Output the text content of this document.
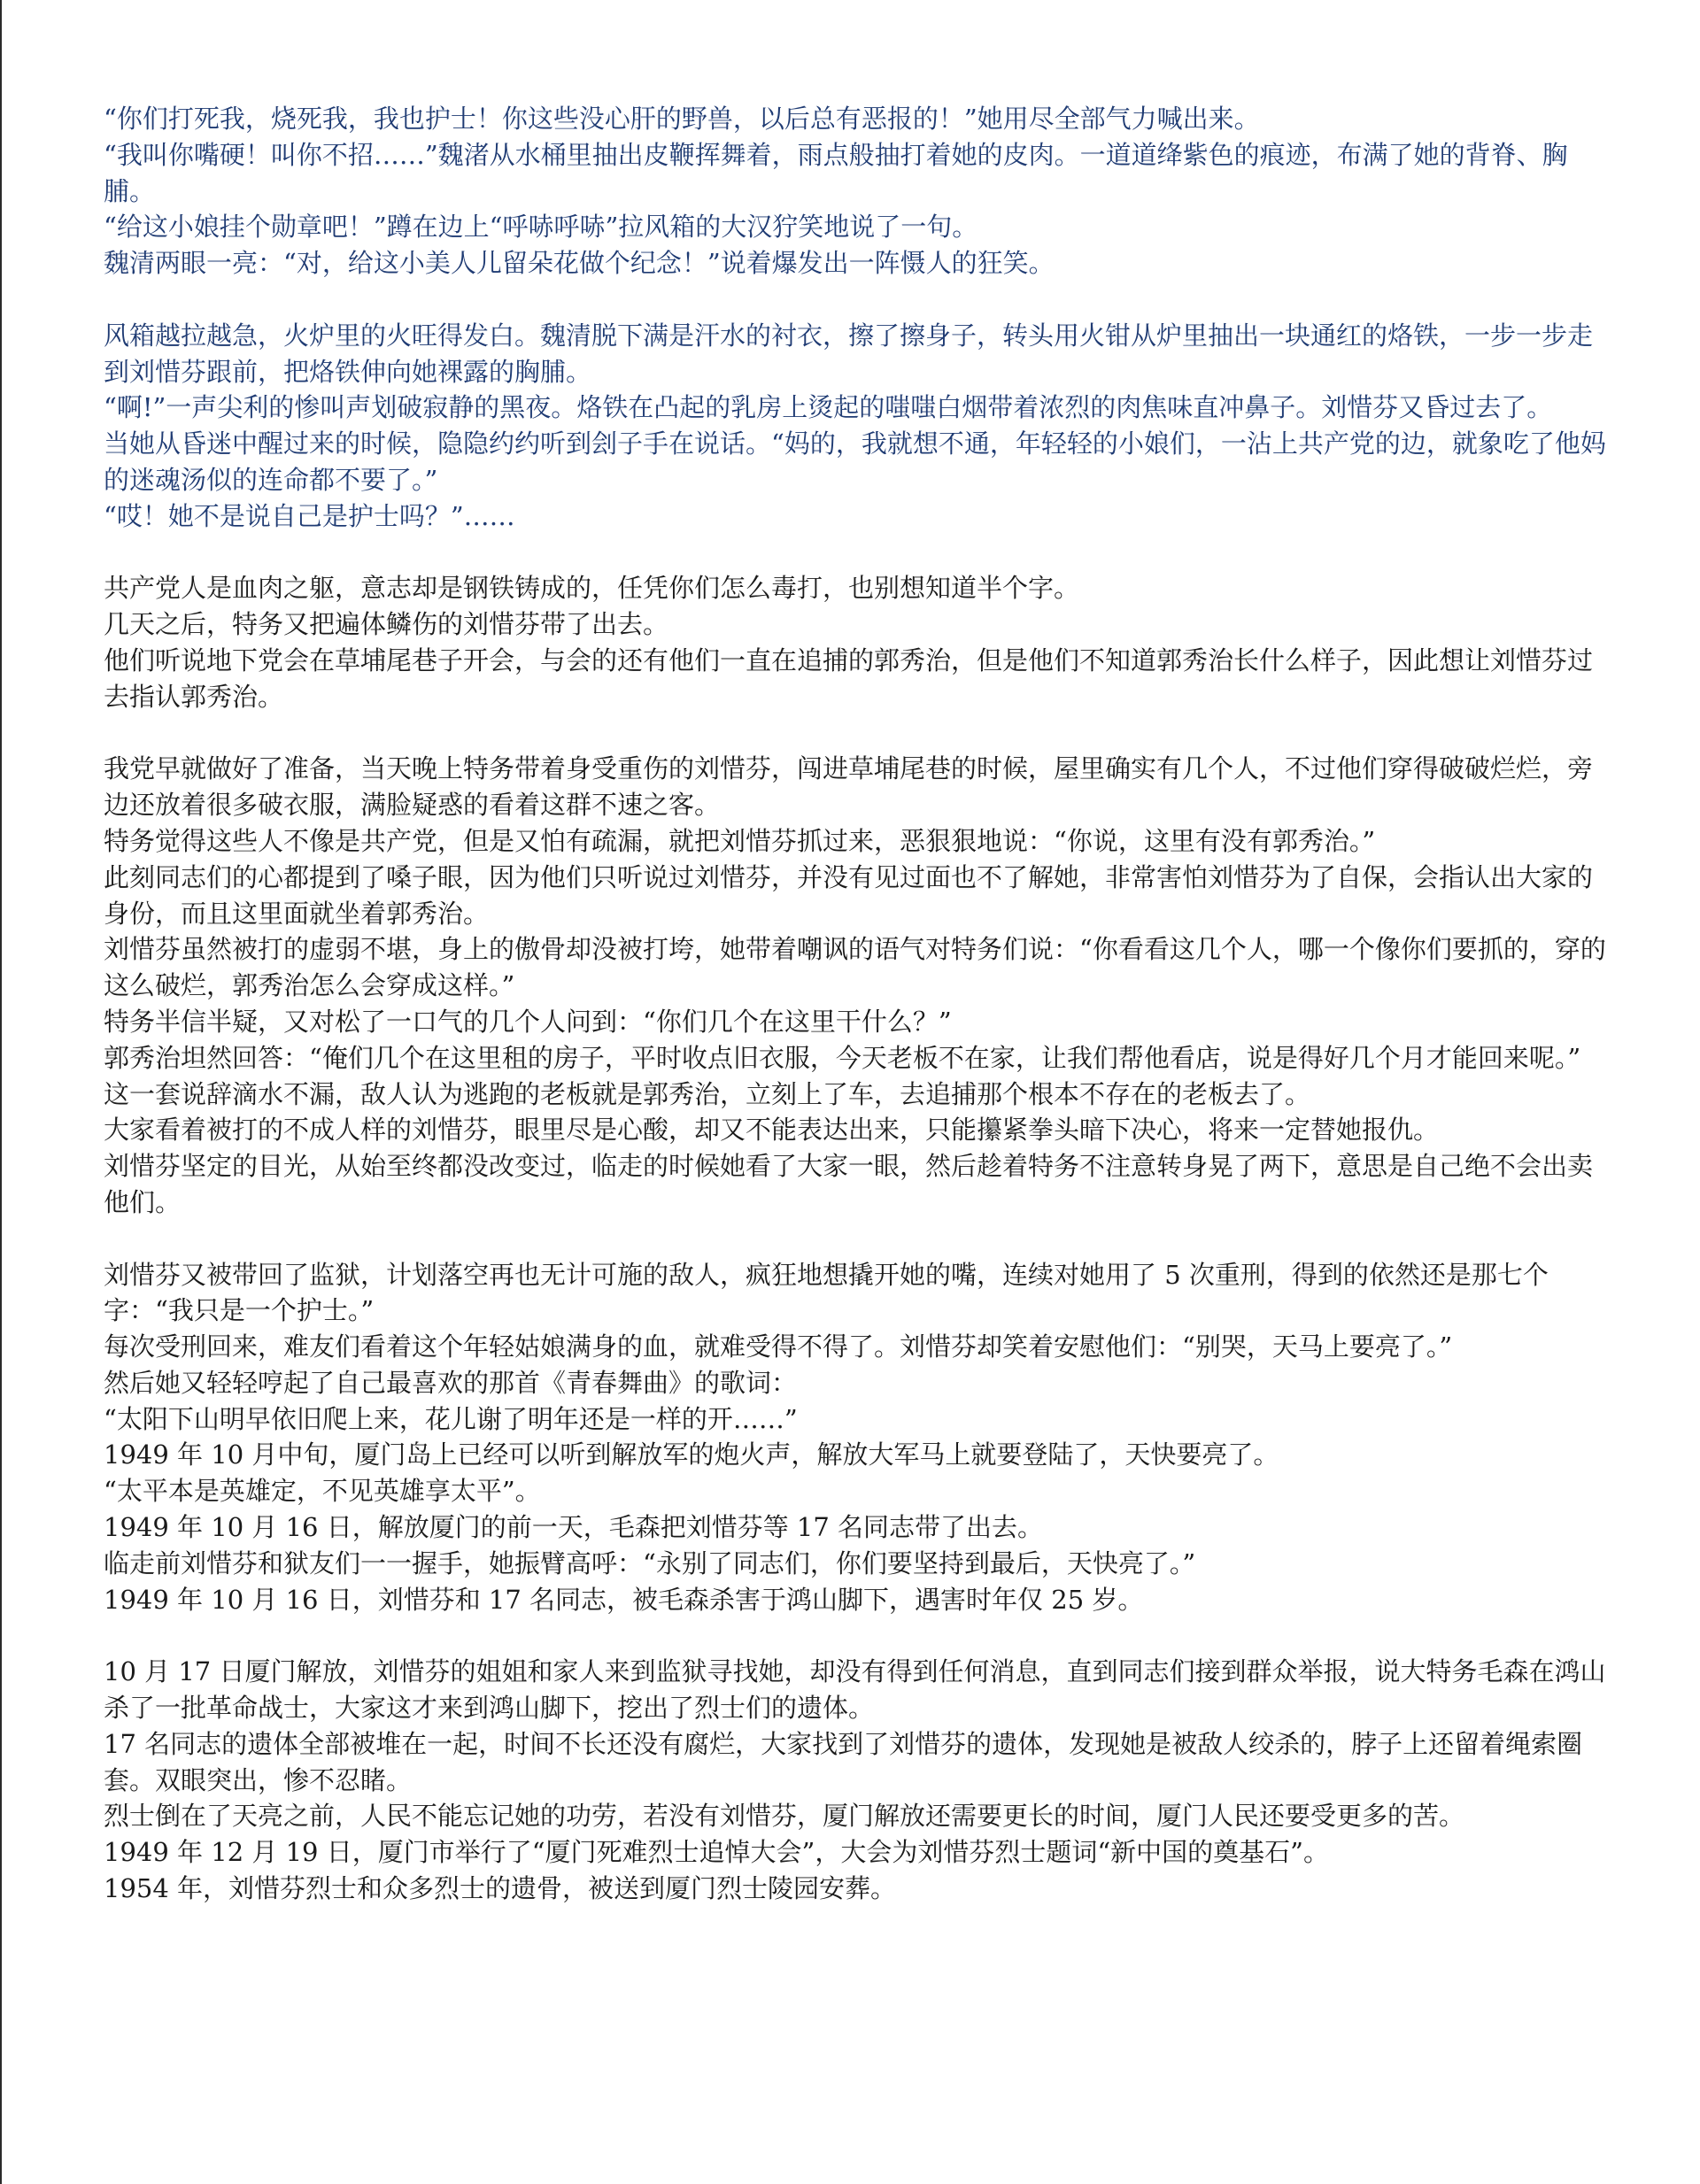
“你们打死我，烧死我，我也护士！你这些没心肝的野兽，以后总有恶报的！”她用尽全部气力喊出来。

“我叫你嘴硬！叫你不招……”魏渚从水桶里抽出皮鞭挥舞着，雨点般抽打着她的皮肉。一道道绛紫色的痕迹，布满了她的背脊、胸脯。

“给这小娘挂个勋章吧！”蹲在边上“呼哧呼哧”拉风箱的大汉狞笑地说了一句。

魏清两眼一亮：“对，给这小美人儿留朵花做个纪念！”说着爆发出一阵慑人的狂笑。

风箱越拉越急，火炉里的火旺得发白。魏清脱下满是汗水的衬衣，擦了擦身子，转头用火钳从炉里抽出一块通红的烙铁，一步一步走到刘惜芬跟前，把烙铁伸向她裸露的胸脯。

“啊!”一声尖利的惨叫声划破寂静的黑夜。烙铁在凸起的乳房上烫起的嗤嗤白烟带着浓烈的肉焦味直冲鼻子。刘惜芬又昏过去了。

当她从昏迷中醒过来的时候，隐隐约约听到刽子手在说话。“妈的，我就想不通，年轻轻的小娘们，一沾上共产党的边，就象吃了他妈的迷魂汤似的连命都不要了。”

“哎！她不是说自己是护士吗？”……

共产党人是血肉之躯，意志却是钢铁铸成的，任凭你们怎么毒打，也别想知道半个字。

几天之后，特务又把遍体鳞伤的刘惜芬带了出去。

他们听说地下党会在草埔尾巷子开会，与会的还有他们一直在追捕的郭秀治，但是他们不知道郭秀治长什么样子，因此想让刘惜芬过去指认郭秀治。

我党早就做好了准备，当天晚上特务带着身受重伤的刘惜芬，闯进草埔尾巷的时候，屋里确实有几个人，不过他们穿得破破烂烂，旁边还放着很多破衣服，满脸疑惑的看着这群不速之客。

特务觉得这些人不像是共产党，但是又怕有疏漏，就把刘惜芬抓过来，恶狠狠地说：“你说，这里有没有郭秀治。”

此刻同志们的心都提到了嗓子眼，因为他们只听说过刘惜芬，并没有见过面也不了解她，非常害怕刘惜芬为了自保，会指认出大家的身份，而且这里面就坐着郭秀治。

刘惜芬虽然被打的虚弱不堪，身上的傲骨却没被打垮，她带着嘲讽的语气对特务们说：“你看看这几个人，哪一个像你们要抓的，穿的这么破烂，郭秀治怎么会穿成这样。”

特务半信半疑，又对松了一口气的几个人问到：“你们几个在这里干什么？”

郭秀治坦然回答：“俺们几个在这里租的房子，平时收点旧衣服，今天老板不在家，让我们帮他看店，说是得好几个月才能回来呢。”

这一套说辞滴水不漏，敌人认为逃跑的老板就是郭秀治，立刻上了车，去追捕那个根本不存在的老板去了。

大家看着被打的不成人样的刘惜芬，眼里尽是心酸，却又不能表达出来，只能攥紧拳头暗下决心，将来一定替她报仇。

刘惜芬坚定的目光，从始至终都没改变过，临走的时候她看了大家一眼，然后趁着特务不注意转身晃了两下，意思是自己绝不会出卖他们。

刘惜芬又被带回了监狱，计划落空再也无计可施的敌人，疯狂地想撬开她的嘴，连续对她用了 5 次重刑，得到的依然还是那七个字：“我只是一个护士。”

每次受刑回来，难友们看着这个年轻姑娘满身的血，就难受得不得了。刘惜芬却笑着安慰他们：“别哭，天马上要亮了。”

然后她又轻轻哼起了自己最喜欢的那首《青春舞曲》的歌词：

“太阳下山明早依旧爬上来，花儿谢了明年还是一样的开……”

1949 年 10 月中旬，厦门岛上已经可以听到解放军的炮火声，解放大军马上就要登陆了，天快要亮了。

“太平本是英雄定，不见英雄享太平”。

1949 年 10 月 16 日，解放厦门的前一天，毛森把刘惜芬等 17 名同志带了出去。

临走前刘惜芬和狱友们一一握手，她振臂高呼：“永别了同志们，你们要坚持到最后，天快亮了。”

1949 年 10 月 16 日，刘惜芬和 17 名同志，被毛森杀害于鸿山脚下，遇害时年仅 25 岁。

10 月 17 日厦门解放，刘惜芬的姐姐和家人来到监狱寻找她，却没有得到任何消息，直到同志们接到群众举报，说大特务毛森在鸿山杀了一批革命战士，大家这才来到鸿山脚下，挖出了烈士们的遗体。

17 名同志的遗体全部被堆在一起，时间不长还没有腐烂，大家找到了刘惜芬的遗体，发现她是被敌人绞杀的，脖子上还留着绳索圈套。双眼突出，惨不忍睹。

烈士倒在了天亮之前，人民不能忘记她的功劳，若没有刘惜芬，厦门解放还需要更长的时间，厦门人民还要受更多的苦。

1949 年 12 月 19 日，厦门市举行了“厦门死难烈士追悼大会”，大会为刘惜芬烈士题词“新中国的奠基石”。

1954 年，刘惜芬烈士和众多烈士的遗骨，被送到厦门烈士陵园安葬。
